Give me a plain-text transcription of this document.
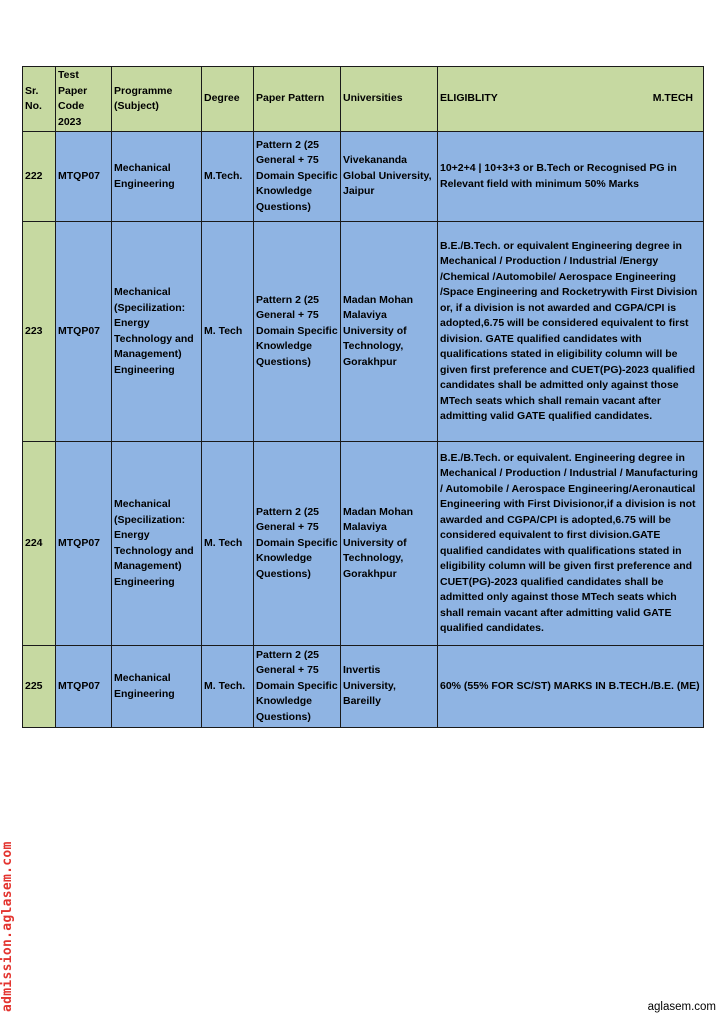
Sr. No.	Test Paper Code 2023	Programme (Subject)	Degree	Paper Pattern	Universities	ELIGIBLITY M.TECH

222	MTQP07	Mechanical Engineering	M.Tech.	Pattern 2 (25 General + 75 Domain Specific Knowledge Questions)	Vivekananda Global University, Jaipur	10+2+4 | 10+3+3 or B.Tech or Recognised PG in Relevant field with minimum 50% Marks
223	MTQP07	Mechanical (Specilization: Energy Technology and Management) Engineering	M. Tech	Pattern 2 (25 General + 75 Domain Specific Knowledge Questions)	Madan Mohan Malaviya University of Technology, Gorakhpur	B.E./B.Tech. or equivalent Engineering degree in Mechanical / Production / Industrial /Energy /Chemical /Automobile/ Aerospace Engineering /Space Engineering and Rocketrywith First Division or, if a division is not awarded and CGPA/CPI is adopted,6.75 will be considered equivalent to first division. GATE qualified candidates with qualifications stated in eligibility column will be given first preference and CUET(PG)-2023 qualified candidates shall be admitted only against those MTech seats which shall remain vacant after admitting valid GATE qualified candidates.
224	MTQP07	Mechanical (Specilization: Energy Technology and Management) Engineering	M. Tech	Pattern 2 (25 General + 75 Domain Specific Knowledge Questions)	Madan Mohan Malaviya University of Technology, Gorakhpur	B.E./B.Tech. or equivalent. Engineering degree in Mechanical / Production / Industrial / Manufacturing / Automobile / Aerospace Engineering/Aeronautical Engineering with First Divisionor,if a division is not awarded and CGPA/CPI is adopted,6.75 will be considered equivalent to first division.GATE qualified candidates with qualifications stated in eligibility column will be given first preference and CUET(PG)-2023 qualified candidates shall be admitted only against those MTech seats which shall remain vacant after admitting valid GATE qualified candidates.
225	MTQP07	Mechanical Engineering	M. Tech.	Pattern 2 (25 General + 75 Domain Specific Knowledge Questions)	Invertis University, Bareilly	60% (55% FOR SC/ST) MARKS IN B.TECH./B.E. (ME)
admission.aglasem.com	aglasem.com
